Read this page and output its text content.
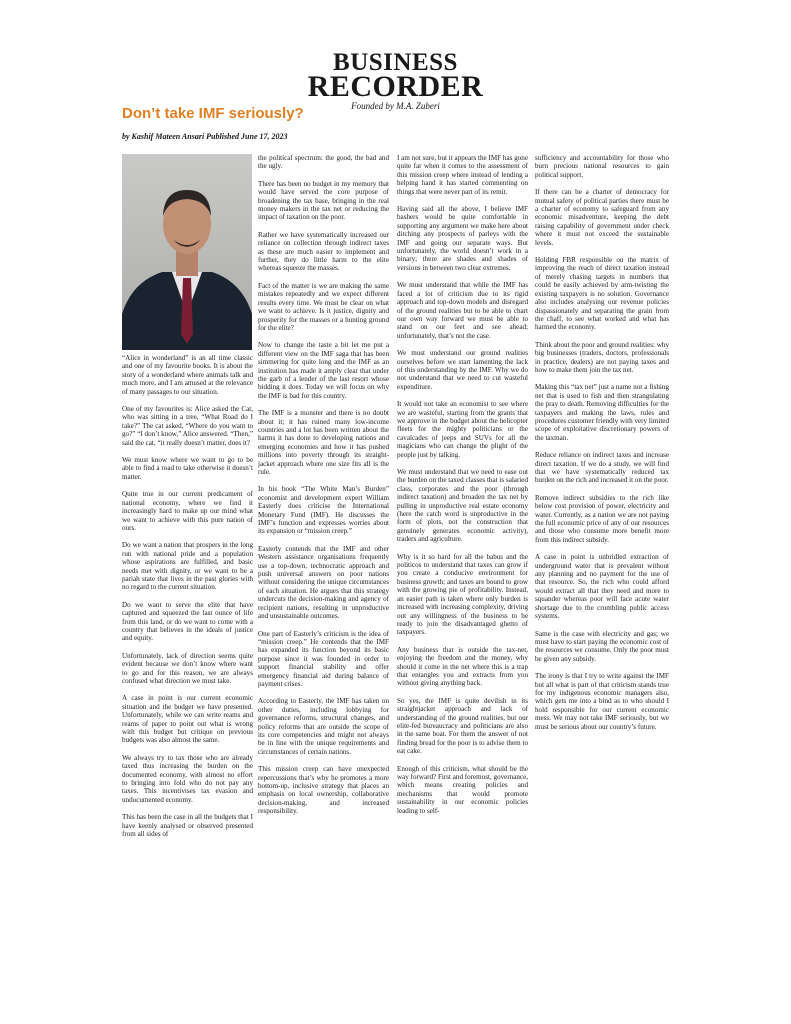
BUSINESS
RECORDER
Founded by M.A. Zuberi
Don’t take IMF seriously?
by Kashif Mateen Ansari Published June 17, 2023

“Alice in wonderland” is an all time classic and one of my favourite books. It is about the story of a wonderland where animals talk and much more, and I am amused at the relevance of many passages to our situation.

One of my favourites is: Alice asked the Cat, who was sitting in a tree, “What Road do I take?” The cat asked, “Where do you want to go?” “I don’t know,” Alice answered. “Then,” said the cat, “it really doesn’t matter, does it?

We must know where we want to go to be able to find a road to take otherwise it doesn’t matter.

Quite true in our current predicament of national economy, where we find it increasingly hard to make up our mind what we want to achieve with this pure nation of ours.

Do we want a nation that prospers in the long run with national pride and a population whose aspirations are fulfilled, and basic needs met with dignity, or we want to be a pariah state that lives in the past glories with no regard to the current situation.

Do we want to serve the elite that have captured and squeezed the last ounce of life from this land, or do we want to come with a country that believes in the ideals of justice and equity.

Unfortunately, lack of direction seems quite evident because we don’t know where want to go and for this reason, we are always confused what direction we must take.

A case in point is our current economic situation and the budget we have presented. Unfortunately, while we can write reams and reams of paper to point out what is wrong with this budget but critique on previous budgets was also almost the same.

We always try to tax those who are already taxed thus increasing the burden on the documented economy, with almost no effort to bringing into fold who do not pay any taxes. This incentivises tax evasion and undocumented economy.

This has been the case in all the budgets that I have keenly analysed or observed presented from all sides of

the political spectrum: the good, the bad and the ugly.

There has been no budget in my memory that would have served the core purpose of broadening the tax base, bringing in the real money makers in the tax net or reducing the impact of taxation on the poor.

Rather we have systematically increased our reliance on collection through indirect taxes as these are much easier to implement and further, they do little harm to the elite whereas squeeze the masses.

Fact of the matter is we are making the same mistakes repeatedly and we expect different results every time. We must be clear on what we want to achieve. Is it justice, dignity and prosperity for the masses or a hunting ground for the elite?

Now to change the taste a bit let me put a different view on the IMF saga that has been simmering for quite long and the IMF as an institution has made it amply clear that under the garb of a lender of the last resort whose bidding it does. Today we will focus on why the IMF is bad for this country.

The IMF is a monster and there is no doubt about it; it has ruined many low-income countries and a lot has been written about the harms it has done to developing nations and emerging economies and how it has pushed millions into poverty through its straight-jacket approach where one size fits all is the rule.

In his book “The White Man’s Burden” economist and development expert William Easterly does criticise the International Monetary Fund (IMF). He discusses the IMF’s function and expresses worries about its expansion or “mission creep.”

Easterly contends that the IMF and other Western assistance organisations frequently use a top-down, technocratic approach and push universal answers on poor nations without considering the unique circumstances of each situation. He argues that this strategy undercuts the decision-making and agency of recipient nations, resulting in unproductive and unsustainable outcomes.

One part of Easterly’s criticism is the idea of “mission creep.” He contends that the IMF has expanded its function beyond its basic purpose since it was founded in order to support financial stability and offer emergency financial aid during balance of payment crises.

According to Easterly, the IMF has taken on other duties, including lobbying for governance reforms, structural changes, and policy reforms that are outside the scope of its core competencies and might not always be in line with the unique requirements and circumstances of certain nations.

This mission creep can have unexpected repercussions that’s why he promotes a more bottom-up, inclusive strategy that places an emphasis on local ownership, collaborative decision-making, and increased responsibility.

I am not sure, but it appears the IMF has gone quite far when it comes to the assessment of this mission creep where instead of lending a helping hand it has started commenting on things that were never part of its remit.

Having said all the above, I believe IMF bashers would be quite comfortable in supporting any argument we make here about ditching any prospects of parleys with the IMF and going our separate ways. But unfortunately, the world doesn’t work in a binary; there are shades and shades of versions in between two clear extremes.

We must understand that while the IMF has faced a lot of criticism due to its rigid approach and top-down models and disregard of the ground realities but to be able to chart our own way forward we must be able to stand on our feet and see ahead; unfortunately, that’s not the case.

We must understand our ground realities ourselves before we start lamenting the lack of this understanding by the IMF. Why we do not understand that we need to cut wasteful expenditure.

It would not take an economist to see where we are wasteful, starting from the grants that we approve in the budget about the helicopter fleets for the mighty politicians or the cavalcades of jeeps and SUVs for all the magicians who can change the plight of the people just by talking.

We must understand that we need to ease out the burden on the taxed classes that is salaried class, corporates and the poor (through indirect taxation) and broaden the tax net by pulling in unproductive real estate economy (here the catch word is unproductive in the form of plots, not the construction that genuinely generates economic activity), traders and agriculture.

Why is it so hard for all the babus and the politicos to understand that taxes can grow if you create a conducive environment for business growth; and taxes are bound to grow with the growing pie of profitability. Instead, an easier path is taken where only burden is increased with increasing complexity, driving out any willingness of the business to be ready to join the disadvantaged ghetto of taxpayers.

Any business that is outside the tax-net, enjoying the freedom and the money, why should it come in the net where this is a trap that entangles you and extracts from you without giving anything back.

So yes, the IMF is quite devilish in its straightjacket approach and lack of understanding of the ground realities, but our elite-fed bureaucracy and politicians are also in the same boat. For them the answer of not finding bread for the poor is to advise them to eat cake.

Enough of this criticism, what should be the way forward? First and foremost, governance, which means creating policies and mechanisms that would promote sustainability in our economic policies leading to self-

sufficiency and accountability for those who burn precious national resources to gain political support.

If there can be a charter of democracy for mutual safety of political parties there must be a charter of economy to safeguard from any economic misadventure, keeping the debt raising capability of government under check where it must not exceed the sustainable levels.

Holding FBR responsible on the matrix of improving the reach of direct taxation instead of merely chasing targets in numbers that could be easily achieved by arm-twisting the existing taxpayers is no solution. Governance also includes analysing our revenue policies dispassionately and separating the grain from the chaff, to see what worked and what has harmed the economy.

Think about the poor and ground realities: why big businesses (traders, doctors, professionals in practice, dealers) are not paying taxes and how to make them join the tax net.

Making this “tax net” just a name not a fishing net that is used to fish and then strangulating the pray to death. Removing difficulties for the taxpayers and making the laws, rules and procedures customer friendly with very limited scope of exploitative discretionary powers of the taxman.

Reduce reliance on indirect taxes and increase direct taxation. If we do a study, we will find that we have systematically reduced tax burden on the rich and increased it on the poor.

Remove indirect subsidies to the rich like below cost provision of power, electricity and water. Currently, as a nation we are not paying the full economic price of any of our resources and those who consume more benefit more from this indirect subsidy.

A case in point is unbridled extraction of underground water that is prevalent without any planning and no payment for the use of that resource. So, the rich who could afford would extract all that they need and more to squander whereas poor will face acute water shortage due to the crumbling public access systems.

Same is the case with electricity and gas; we must have to start paying the economic cost of the resources we consume. Only the poor must be given any subsidy.

The irony is that I try to write against the IMF but all what is part of that criticism stands true for my indigenous economic managers also, which gets me into a bind as to who should I hold responsible for our current economic mess. We may not take IMF seriously, but we must be serious about our country’s future.
